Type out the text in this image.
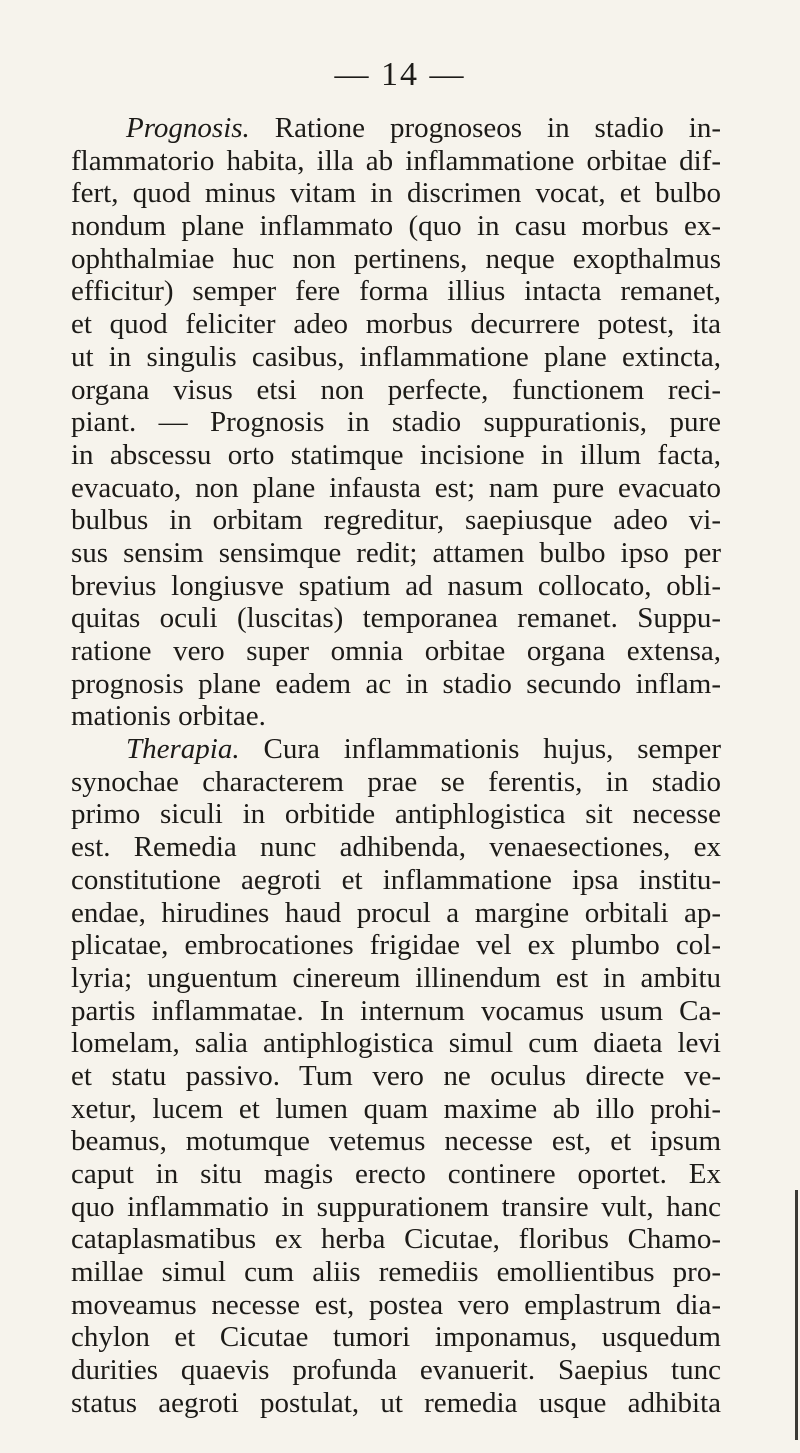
— 14 —
Prognosis. Ratione prognoseos in stadio in-
flammatorio habita, illa ab inflammatione orbitae dif-
fert, quod minus vitam in discrimen vocat, et bulbo
nondum plane inflammato (quo in casu morbus ex-
ophthalmiae huc non pertinens, neque exopthalmus
efficitur) semper fere forma illius intacta remanet,
et quod feliciter adeo morbus decurrere potest, ita
ut in singulis casibus, inflammatione plane extincta,
organa visus etsi non perfecte, functionem reci-
piant. — Prognosis in stadio suppurationis, pure
in abscessu orto statimque incisione in illum facta,
evacuato, non plane infausta est; nam pure evacuato
bulbus in orbitam regreditur, saepiusque adeo vi-
sus sensim sensimque redit; attamen bulbo ipso per
brevius longiusve spatium ad nasum collocato, obli-
quitas oculi (luscitas) temporanea remanet. Suppu-
ratione vero super omnia orbitae organa extensa,
prognosis plane eadem ac in stadio secundo inflam-
mationis orbitae.
Therapia. Cura inflammationis hujus, semper
synochae characterem prae se ferentis, in stadio
primo siculi in orbitide antiphlogistica sit necesse
est. Remedia nunc adhibenda, venaesectiones, ex
constitutione aegroti et inflammatione ipsa institu-
endae, hirudines haud procul a margine orbitali ap-
plicatae, embrocationes frigidae vel ex plumbo col-
lyria; unguentum cinereum illinendum est in ambitu
partis inflammatae. In internum vocamus usum Ca-
lomelam, salia antiphlogistica simul cum diaeta levi
et statu passivo. Tum vero ne oculus directe ve-
xetur, lucem et lumen quam maxime ab illo prohi-
beamus, motumque vetemus necesse est, et ipsum
caput in situ magis erecto continere oportet. Ex
quo inflammatio in suppurationem transire vult, hanc
cataplasmatibus ex herba Cicutae, floribus Chamo-
millae simul cum aliis remediis emollientibus pro-
moveamus necesse est, postea vero emplastrum dia-
chylon et Cicutae tumori imponamus, usquedum
durities quaevis profunda evanuerit. Saepius tunc
status aegroti postulat, ut remedia usque adhibita
